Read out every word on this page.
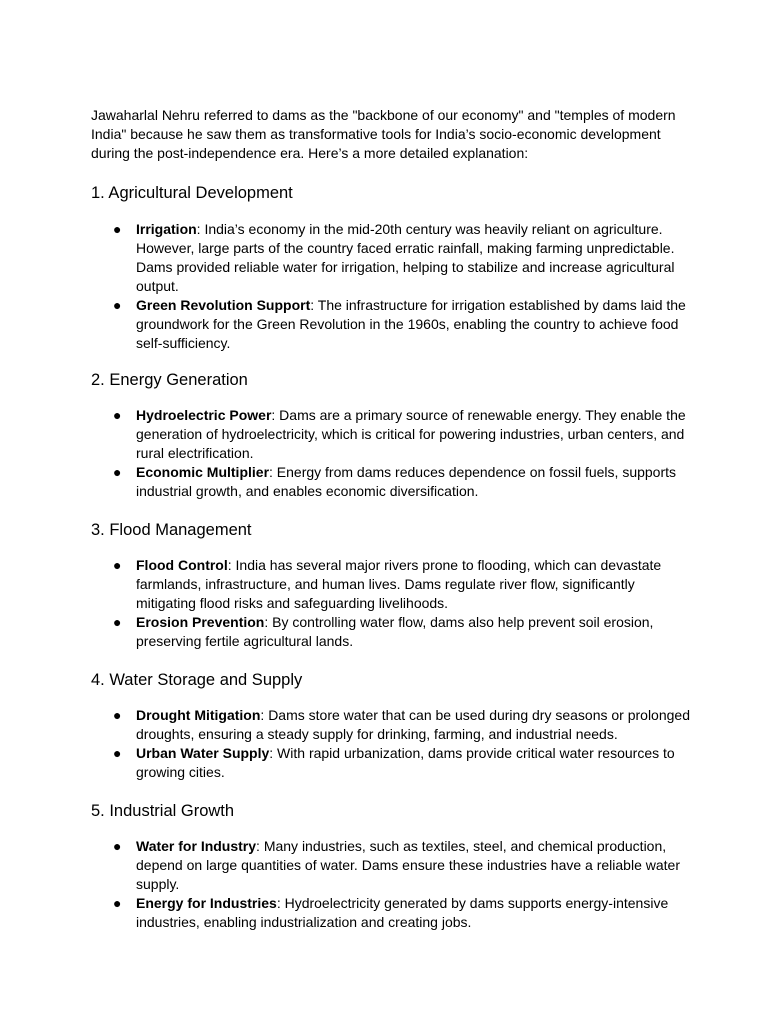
Jawaharlal Nehru referred to dams as the "backbone of our economy" and "temples of modern India" because he saw them as transformative tools for India’s socio-economic development during the post-independence era. Here’s a more detailed explanation:

1. Agricultural Development
● Irrigation: India’s economy in the mid-20th century was heavily reliant on agriculture. However, large parts of the country faced erratic rainfall, making farming unpredictable. Dams provided reliable water for irrigation, helping to stabilize and increase agricultural output.
● Green Revolution Support: The infrastructure for irrigation established by dams laid the groundwork for the Green Revolution in the 1960s, enabling the country to achieve food self-sufficiency.
2. Energy Generation
● Hydroelectric Power: Dams are a primary source of renewable energy. They enable the generation of hydroelectricity, which is critical for powering industries, urban centers, and rural electrification.
● Economic Multiplier: Energy from dams reduces dependence on fossil fuels, supports industrial growth, and enables economic diversification.
3. Flood Management
● Flood Control: India has several major rivers prone to flooding, which can devastate farmlands, infrastructure, and human lives. Dams regulate river flow, significantly mitigating flood risks and safeguarding livelihoods.
● Erosion Prevention: By controlling water flow, dams also help prevent soil erosion, preserving fertile agricultural lands.
4. Water Storage and Supply
● Drought Mitigation: Dams store water that can be used during dry seasons or prolonged droughts, ensuring a steady supply for drinking, farming, and industrial needs.
● Urban Water Supply: With rapid urbanization, dams provide critical water resources to growing cities.
5. Industrial Growth
● Water for Industry: Many industries, such as textiles, steel, and chemical production, depend on large quantities of water. Dams ensure these industries have a reliable water supply.
● Energy for Industries: Hydroelectricity generated by dams supports energy-intensive industries, enabling industrialization and creating jobs.
